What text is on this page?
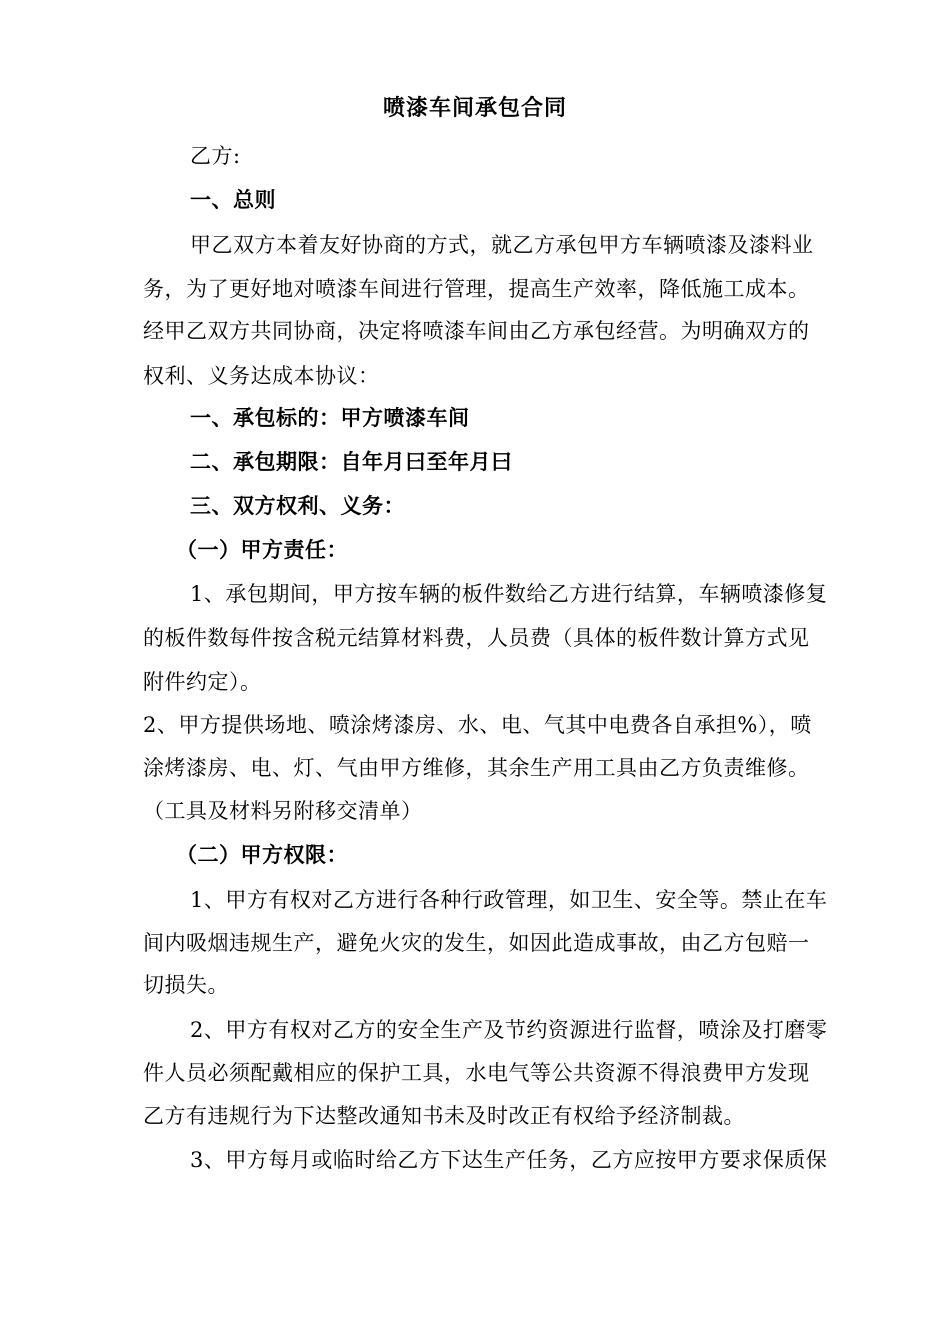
喷漆车间承包合同
乙方:
一、总则
甲乙双方本着友好协商的方式，就乙方承包甲方车辆喷漆及漆料业
务，为了更好地对喷漆车间进行管理，提高生产效率，降低施工成本。
经甲乙双方共同协商，决定将喷漆车间由乙方承包经营。为明确双方的
权利、义务达成本协议：
一、承包标的：甲方喷漆车间
二、承包期限：自年月曰至年月曰
三、双方权利、义务：
（一）甲方责任：
1、承包期间，甲方按车辆的板件数给乙方进行结算，车辆喷漆修复
的板件数每件按含税元结算材料费，人员费（具体的板件数计算方式见
附件约定）。
2、甲方提供场地、喷涂烤漆房、水、电、气其中电费各自承担%），喷
涂烤漆房、电、灯、气由甲方维修，其余生产用工具由乙方负责维修。
（工具及材料另附移交清单）
（二）甲方权限：
1、甲方有权对乙方进行各种行政管理，如卫生、安全等。禁止在车
间内吸烟违规生产，避免火灾的发生，如因此造成事故，由乙方包赔一
切损失。
2、甲方有权对乙方的安全生产及节约资源进行监督，喷涂及打磨零
件人员必须配戴相应的保护工具，水电气等公共资源不得浪费甲方发现
乙方有违规行为下达整改通知书未及时改正有权给予经济制裁。
3、甲方每月或临时给乙方下达生产任务，乙方应按甲方要求保质保
